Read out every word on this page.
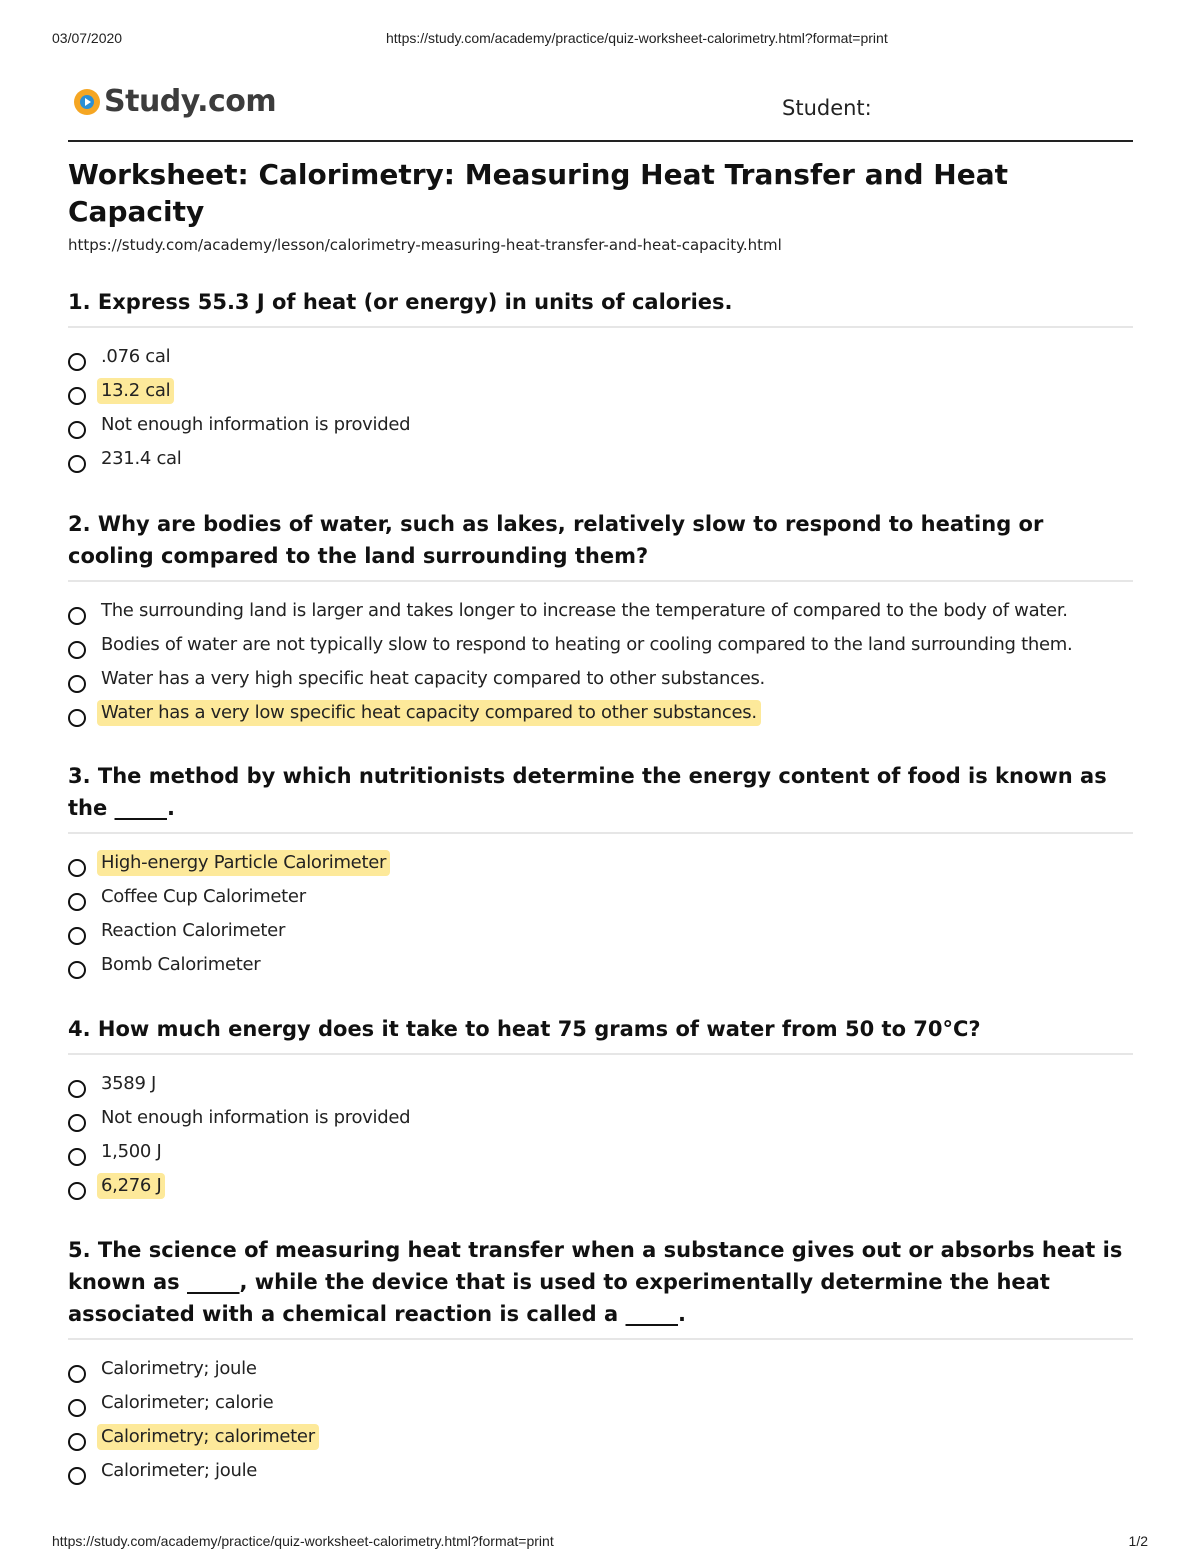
03/07/2020	https://study.com/academy/practice/quiz-worksheet-calorimetry.html?format=print
Study.com	Student:
Worksheet: Calorimetry: Measuring Heat Transfer and Heat Capacity
https://study.com/academy/lesson/calorimetry-measuring-heat-transfer-and-heat-capacity.html

1. Express 55.3 J of heat (or energy) in units of calories.

.076 cal
13.2 cal
Not enough information is provided
231.4 cal

2. Why are bodies of water, such as lakes, relatively slow to respond to heating or cooling compared to the land surrounding them?

The surrounding land is larger and takes longer to increase the temperature of compared to the body of water.
Bodies of water are not typically slow to respond to heating or cooling compared to the land surrounding them.
Water has a very high specific heat capacity compared to other substances.
Water has a very low specific heat capacity compared to other substances.

3. The method by which nutritionists determine the energy content of food is known as the _____.

High-energy Particle Calorimeter
Coffee Cup Calorimeter
Reaction Calorimeter
Bomb Calorimeter

4. How much energy does it take to heat 75 grams of water from 50 to 70°C?

3589 J
Not enough information is provided
1,500 J
6,276 J

5. The science of measuring heat transfer when a substance gives out or absorbs heat is known as _____, while the device that is used to experimentally determine the heat associated with a chemical reaction is called a _____.

Calorimetry; joule
Calorimeter; calorie
Calorimetry; calorimeter
Calorimeter; joule
https://study.com/academy/practice/quiz-worksheet-calorimetry.html?format=print	1/2
